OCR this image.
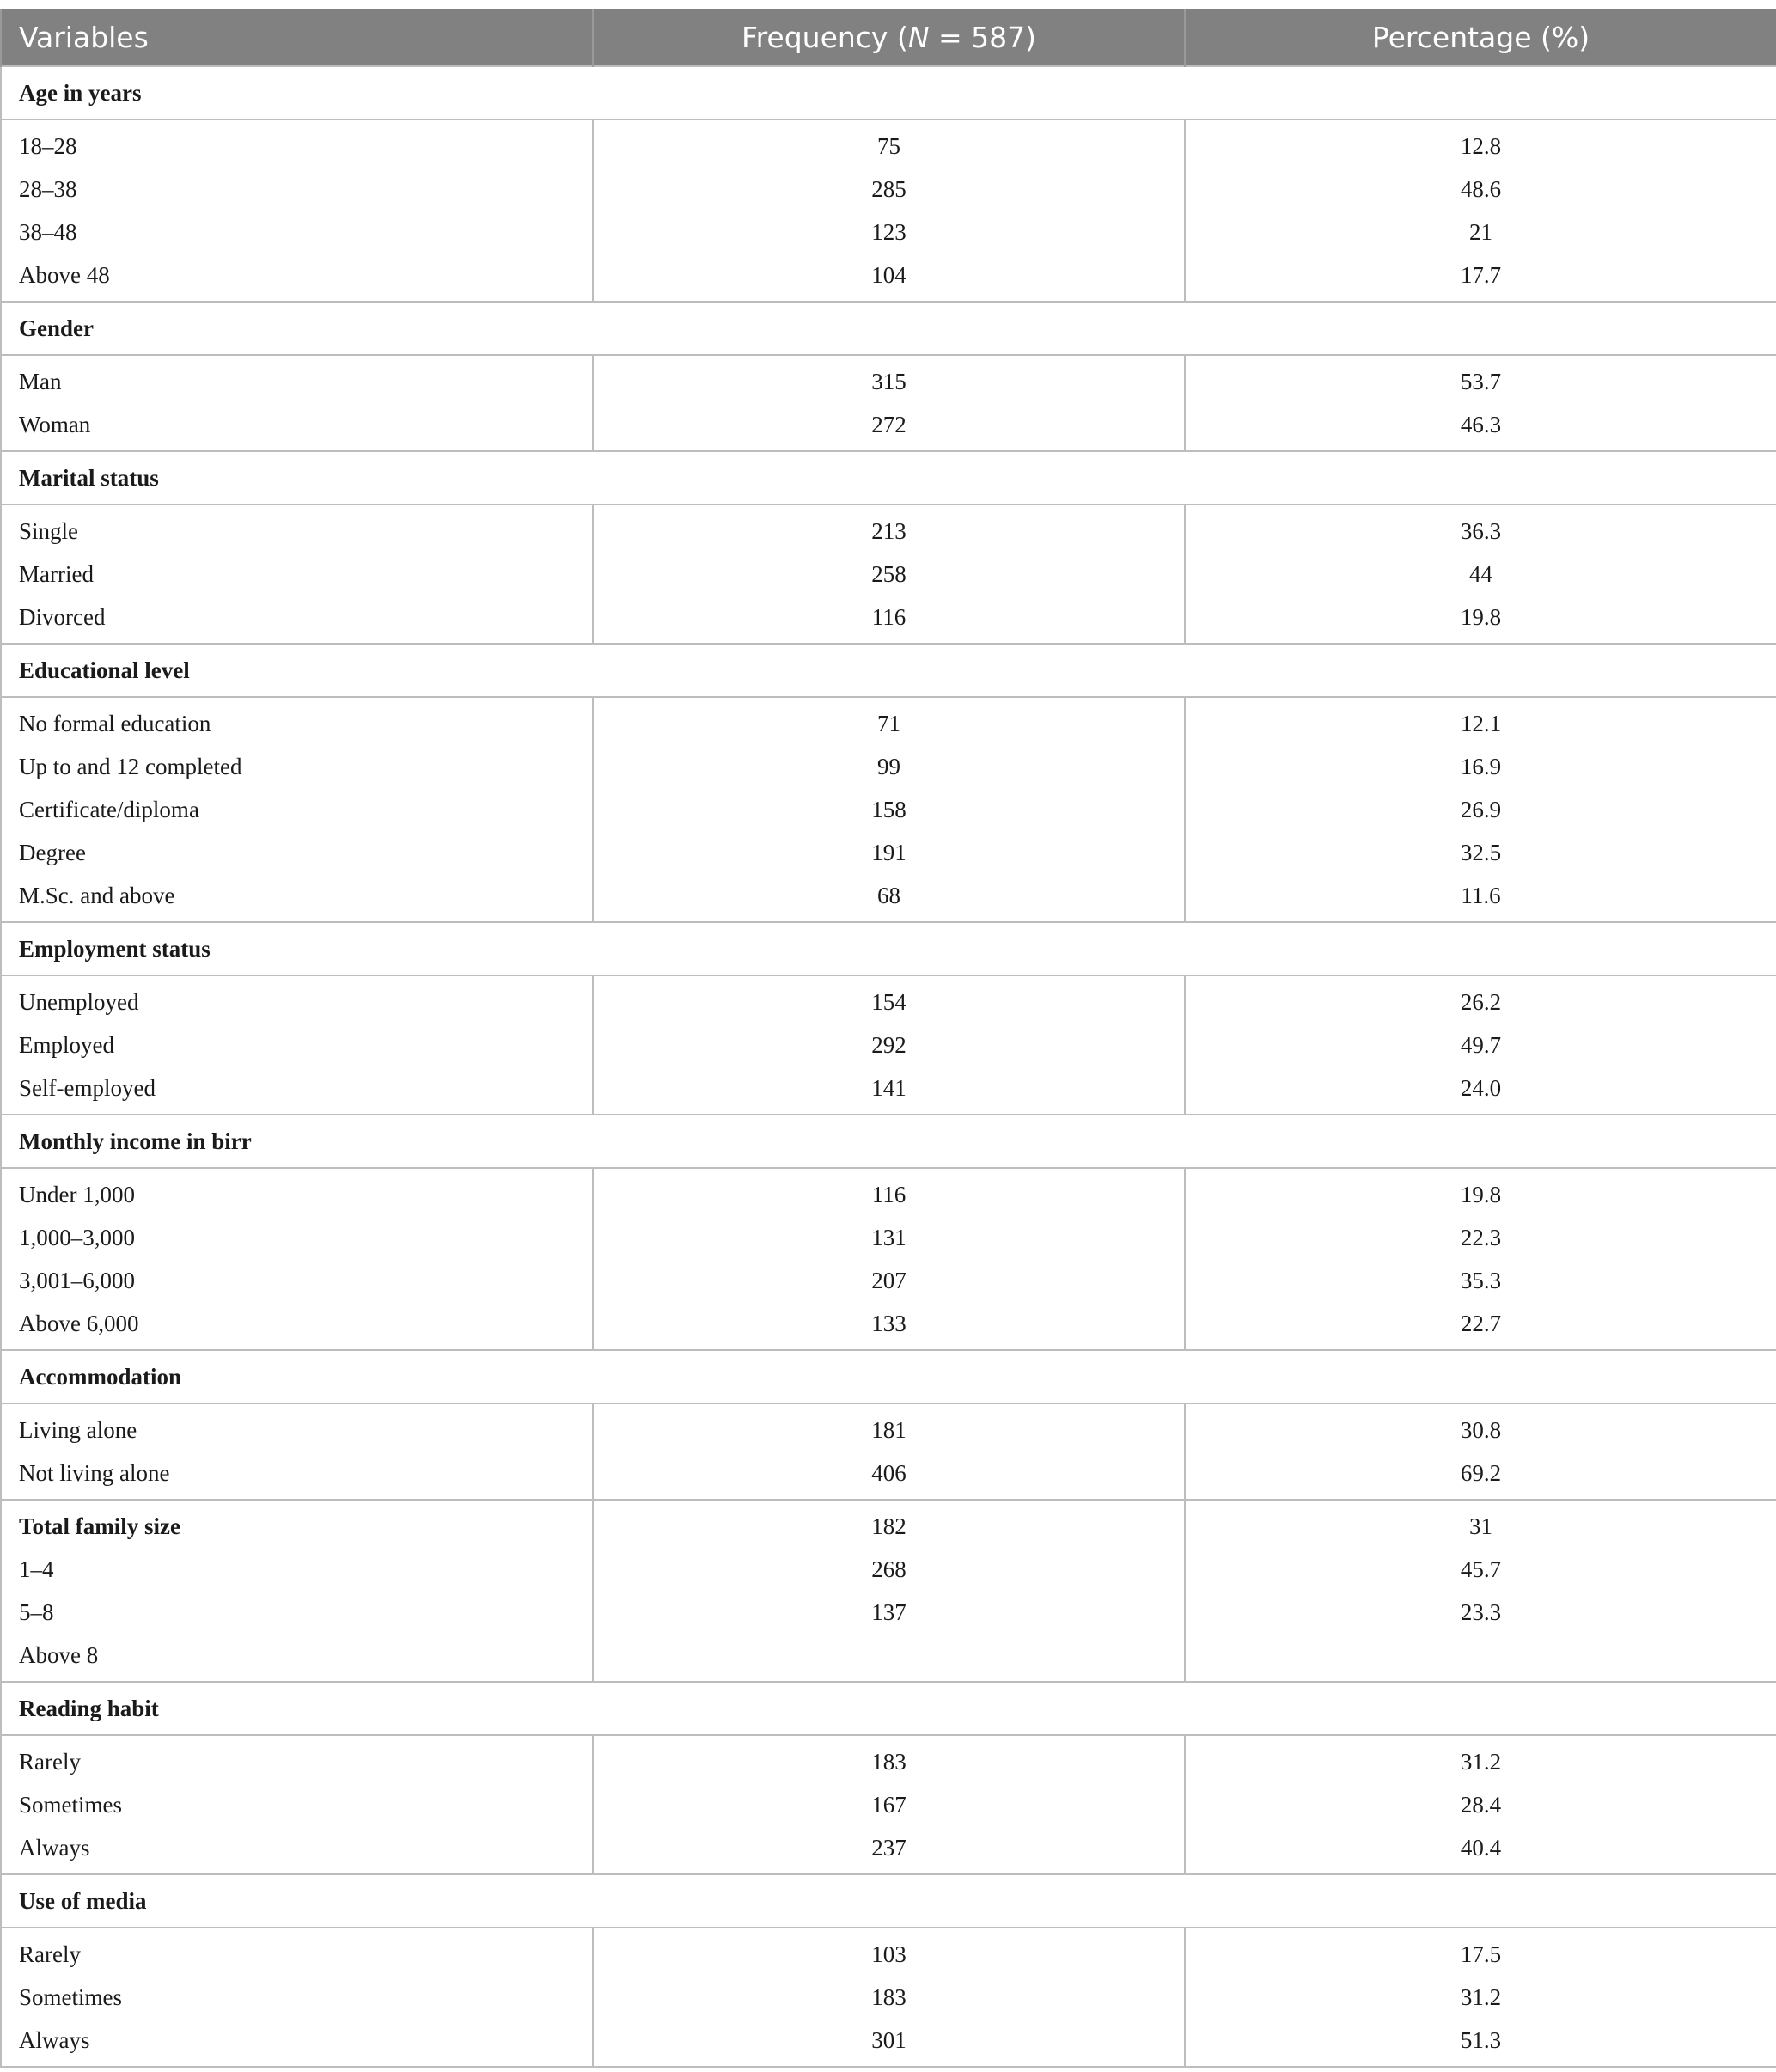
Variables	Frequency (N = 587)	Percentage (%)
Age in years		
18–28	75	12.8
28–38	285	48.6
38–48	123	21
Above 48	104	17.7
Gender		
Man	315	53.7
Woman	272	46.3
Marital status		
Single	213	36.3
Married	258	44
Divorced	116	19.8
Educational level		
No formal education	71	12.1
Up to and 12 completed	99	16.9
Certificate/diploma	158	26.9
Degree	191	32.5
M.Sc. and above	68	11.6
Employment status		
Unemployed	154	26.2
Employed	292	49.7
Self-employed	141	24.0
Monthly income in birr		
Under 1,000	116	19.8
1,000–3,000	131	22.3
3,001–6,000	207	35.3
Above 6,000	133	22.7
Accommodation		
Living alone	181	30.8
Not living alone	406	69.2
Total family size	182	31
1–4	268	45.7
5–8	137	23.3
Above 8		
Reading habit		
Rarely	183	31.2
Sometimes	167	28.4
Always	237	40.4
Use of media		
Rarely	103	17.5
Sometimes	183	31.2
Always	301	51.3
